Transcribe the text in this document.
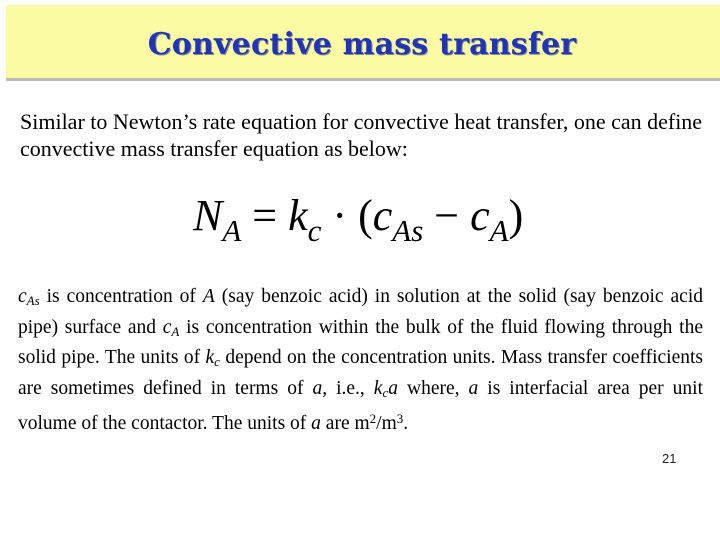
Convective mass transfer
Similar to Newton’s rate equation for convective heat transfer, one can define convective mass transfer equation as below:
$N_A = k_c \cdot (c_{As} - c_A)$
$c_{As}$ is concentration of A (say benzoic acid) in solution at the solid (say benzoic acid pipe) surface and $c_A$ is concentration within the bulk of the fluid flowing through the solid pipe. The units of $k_c$ depend on the concentration units. Mass transfer coefficients are sometimes defined in terms of a, i.e., $k_ca$ where, a is interfacial area per unit volume of the contactor. The units of a are $m^2/m^3$.
21
